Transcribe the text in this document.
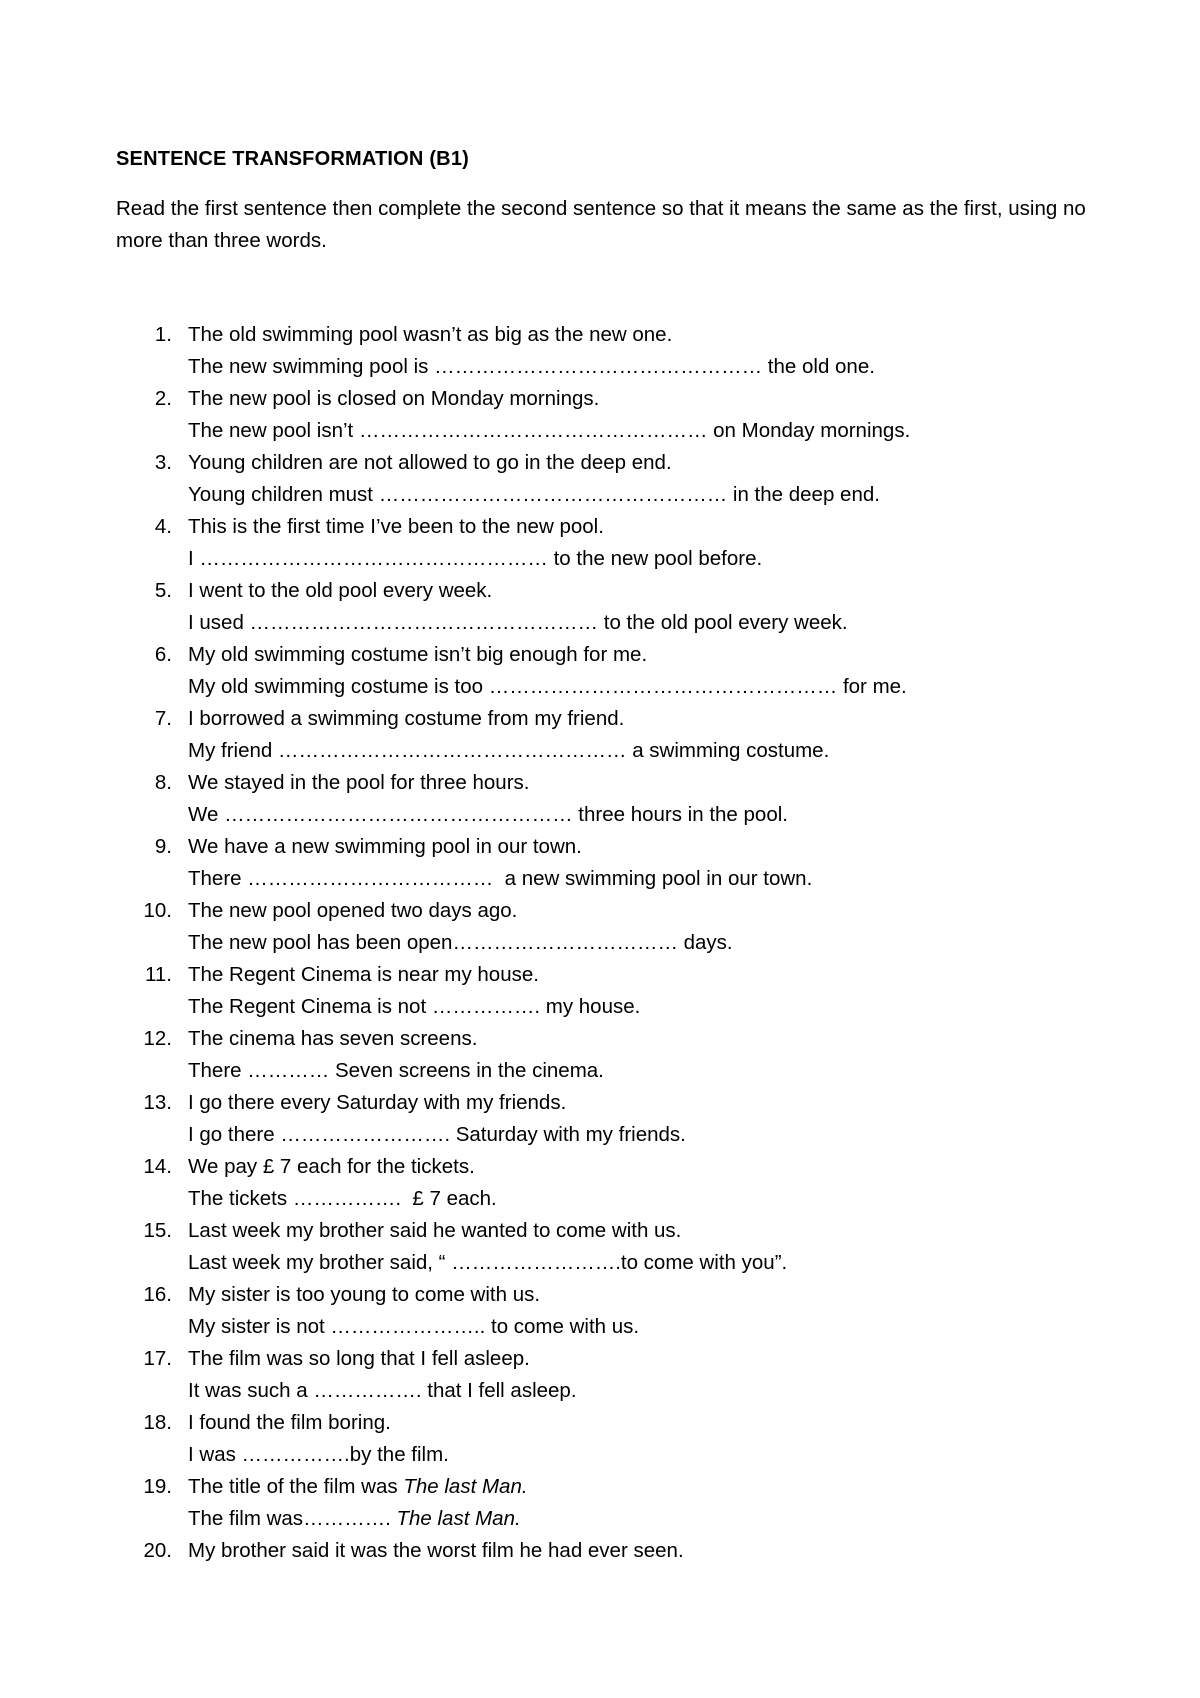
SENTENCE TRANSFORMATION (B1)
Read the first sentence then complete the second sentence so that it means the same as the first, using no more than three words.
1. The old swimming pool wasn’t as big as the new one.
The new swimming pool is ………………………………………… the old one.
2. The new pool is closed on Monday mornings.
The new pool isn’t …………………………………………… on Monday mornings.
3. Young children are not allowed to go in the deep end.
Young children must …………………………………………… in the deep end.
4. This is the first time I’ve been to the new pool.
I …………………………………………… to the new pool before.
5. I went to the old pool every week.
I used …………………………………………… to the old pool every week.
6. My old swimming costume isn’t big enough for me.
My old swimming costume is too …………………………………………… for me.
7. I borrowed a swimming costume from my friend.
My friend …………………………………………… a swimming costume.
8. We stayed in the pool for three hours.
We …………………………………………… three hours in the pool.
9. We have a new swimming pool in our town.
There ………………………………  a new swimming pool in our town.
10. The new pool opened two days ago.
The new pool has been open…………………………… days.
11. The Regent Cinema is near my house.
The Regent Cinema is not ……………. my house.
12. The cinema has seven screens.
There ………… Seven screens in the cinema.
13. I go there every Saturday with my friends.
I go there ……………………. Saturday with my friends.
14. We pay £ 7 each for the tickets.
The tickets …………….  £ 7 each.
15. Last week my brother said he wanted to come with us.
Last week my brother said, “ …………………….to come with you”.
16. My sister is too young to come with us.
My sister is not ………………….. to come with us.
17. The film was so long that I fell asleep.
It was such a ……………. that I fell asleep.
18. I found the film boring.
I was …………….by the film.
19. The title of the film was The last Man.
The film was…………. The last Man.
20. My brother said it was the worst film he had ever seen.
